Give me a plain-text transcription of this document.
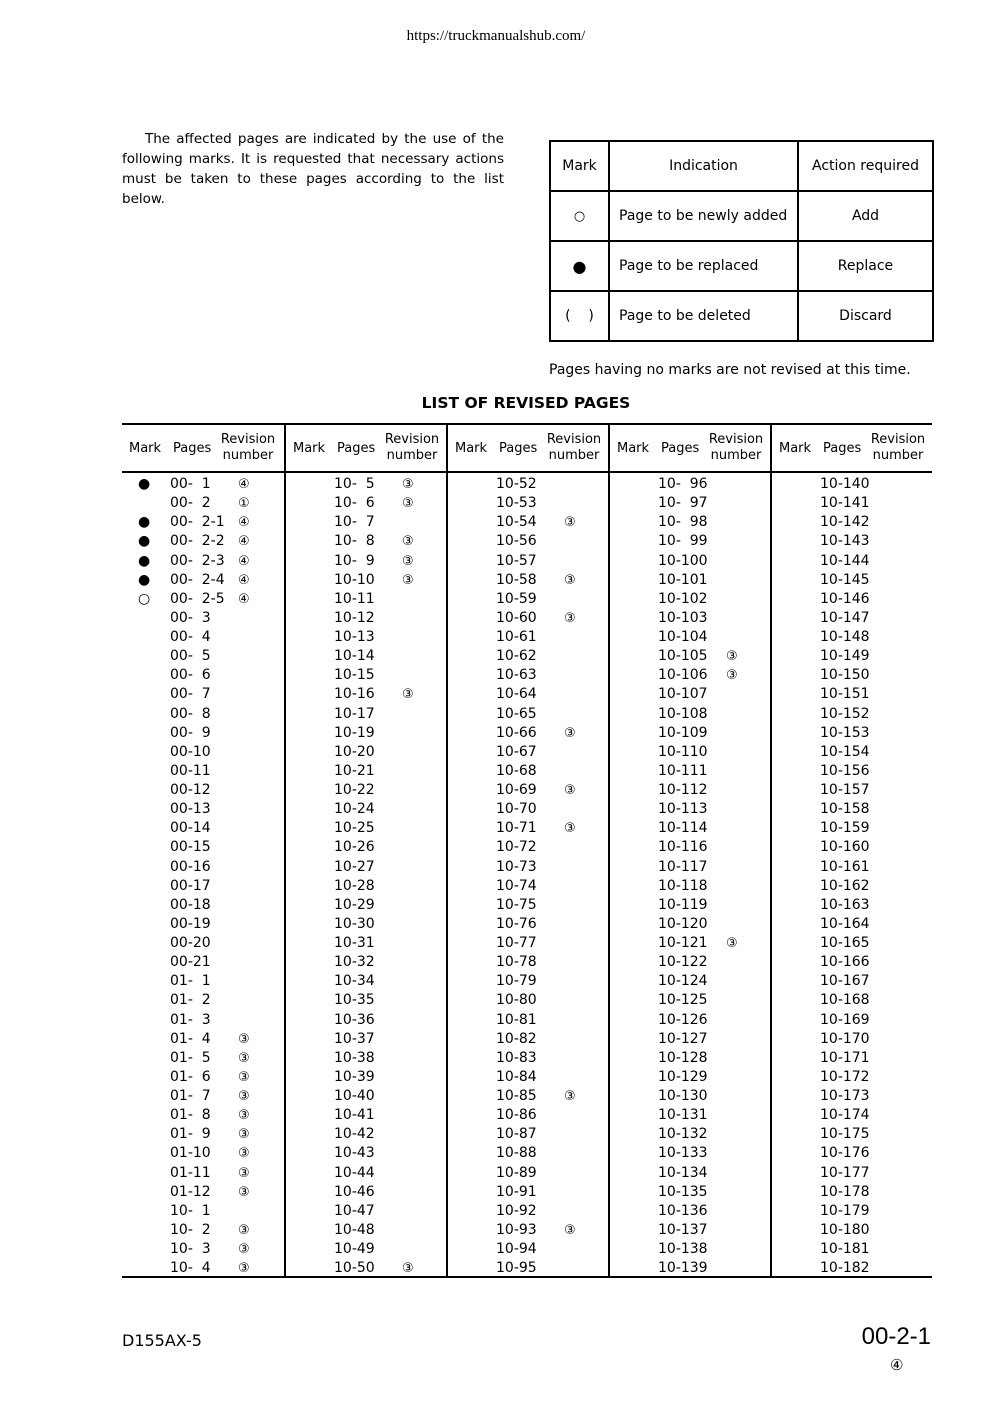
https://truckmanualshub.com/

The affected pages are indicated by the use of the following marks. It is requested that necessary actions must be taken to these pages according to the list below.

Mark	Indication	Action required
○	Page to be newly added	Add
●	Page to be replaced	Replace
(    )	Page to be deleted	Discard
Pages having no marks are not revised at this time.
LIST OF REVISED PAGES
Mark Pages
Revision
number
● 00-  1 ④
00-  2 ①
● 00-  2-1 ④
● 00-  2-2 ④
● 00-  2-3 ④
● 00-  2-4 ④
○ 00-  2-5 ④
00-  3
00-  4
00-  5
00-  6
00-  7
00-  8
00-  9
00-10
00-11
00-12
00-13
00-14
00-15
00-16
00-17
00-18
00-19
00-20
00-21
01-  1
01-  2
01-  3
01-  4 ③
01-  5 ③
01-  6 ③
01-  7 ③
01-  8 ③
01-  9 ③
01-10 ③
01-11 ③
01-12 ③
10-  1
10-  2 ③
10-  3 ③
10-  4 ③
Mark Pages
Revision
number
10-  5 ③
10-  6 ③
10-  7
10-  8 ③
10-  9 ③
10-10 ③
10-11
10-12
10-13
10-14
10-15
10-16 ③
10-17
10-19
10-20
10-21
10-22
10-24
10-25
10-26
10-27
10-28
10-29
10-30
10-31
10-32
10-34
10-35
10-36
10-37
10-38
10-39
10-40
10-41
10-42
10-43
10-44
10-46
10-47
10-48
10-49
10-50 ③
Mark Pages
Revision
number
10-52
10-53
10-54 ③
10-56
10-57
10-58 ③
10-59
10-60 ③
10-61
10-62
10-63
10-64
10-65
10-66 ③
10-67
10-68
10-69 ③
10-70
10-71 ③
10-72
10-73
10-74
10-75
10-76
10-77
10-78
10-79
10-80
10-81
10-82
10-83
10-84
10-85 ③
10-86
10-87
10-88
10-89
10-91
10-92
10-93 ③
10-94
10-95
Mark Pages
Revision
number
10-  96
10-  97
10-  98
10-  99
10-100
10-101
10-102
10-103
10-104
10-105 ③
10-106 ③
10-107
10-108
10-109
10-110
10-111
10-112
10-113
10-114
10-116
10-117
10-118
10-119
10-120
10-121 ③
10-122
10-124
10-125
10-126
10-127
10-128
10-129
10-130
10-131
10-132
10-133
10-134
10-135
10-136
10-137
10-138
10-139
Mark Pages
Revision
number
10-140
10-141
10-142
10-143
10-144
10-145
10-146
10-147
10-148
10-149
10-150
10-151
10-152
10-153
10-154
10-156
10-157
10-158
10-159
10-160
10-161
10-162
10-163
10-164
10-165
10-166
10-167
10-168
10-169
10-170
10-171
10-172
10-173
10-174
10-175
10-176
10-177
10-178
10-179
10-180
10-181
10-182
D155AX-5	00-2-1
④
